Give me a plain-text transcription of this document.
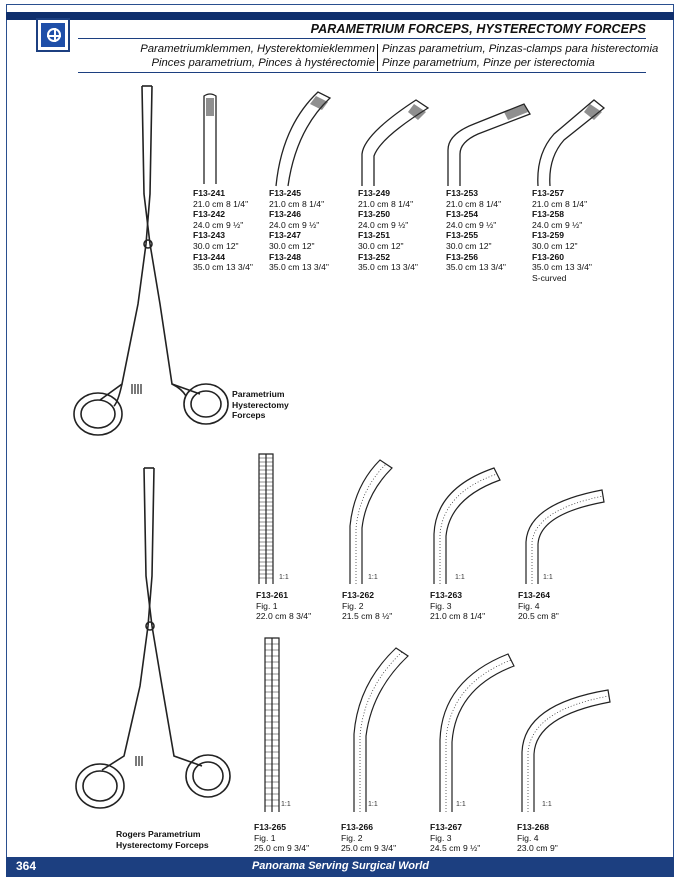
PARAMETRIUM FORCEPS, HYSTERECTOMY FORCEPS
Parametriumklemmen, Hysterektomieklemmen
Pinces parametrium, Pinces à hystérectomie
Pinzas parametrium, Pinzas-clamps para histerectomia
Pinze parametrium, Pinze per isterectomia
Parametrium
Hysterectomy
Forceps
F13-241
21.0 cm 8 1/4"
F13-242
24.0 cm 9 ½"
F13-243
30.0 cm 12"
F13-244
35.0 cm 13 3/4"
F13-245
21.0 cm 8 1/4"
F13-246
24.0 cm 9 ½"
F13-247
30.0 cm 12"
F13-248
35.0 cm 13 3/4"
F13-249
21.0 cm 8 1/4"
F13-250
24.0 cm 9 ½"
F13-251
30.0 cm 12"
F13-252
35.0 cm 13 3/4"
F13-253
21.0 cm 8 1/4"
F13-254
24.0 cm 9 ½"
F13-255
30.0 cm 12"
F13-256
35.0 cm 13 3/4"
F13-257
21.0 cm 8 1/4"
F13-258
24.0 cm 9 ½"
F13-259
30.0 cm 12"
F13-260
35.0 cm 13 3/4"
S-curved
Rogers Parametrium
Hysterectomy Forceps
1:1	1:1	1:1	1:1
F13-261
Fig. 1
22.0 cm 8 3/4"
F13-262
Fig. 2
21.5 cm 8 ½"
F13-263
Fig. 3
21.0 cm 8 1/4"
F13-264
Fig. 4
20.5 cm 8"
1:1	1:1	1:1	1:1
F13-265
Fig. 1
25.0 cm 9 3/4"
F13-266
Fig. 2
25.0 cm 9 3/4"
F13-267
Fig. 3
24.5 cm 9 ½"
F13-268
Fig. 4
23.0 cm 9"
364	Panorama Serving Surgical World
